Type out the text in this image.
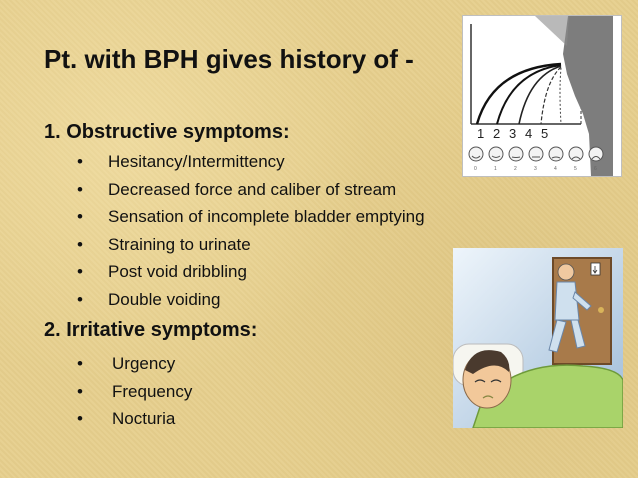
Pt. with BPH gives history of -
1. Obstructive symptoms:
• Hesitancy/Intermittency
• Decreased force and caliber of stream
• Sensation of incomplete bladder emptying
• Straining to urinate
• Post void dribbling
• Double voiding
2. Irritative symptoms:
• Urgency
• Frequency
• Nocturia
1 2 3 4 5
0	1	2	3	4	5	6
